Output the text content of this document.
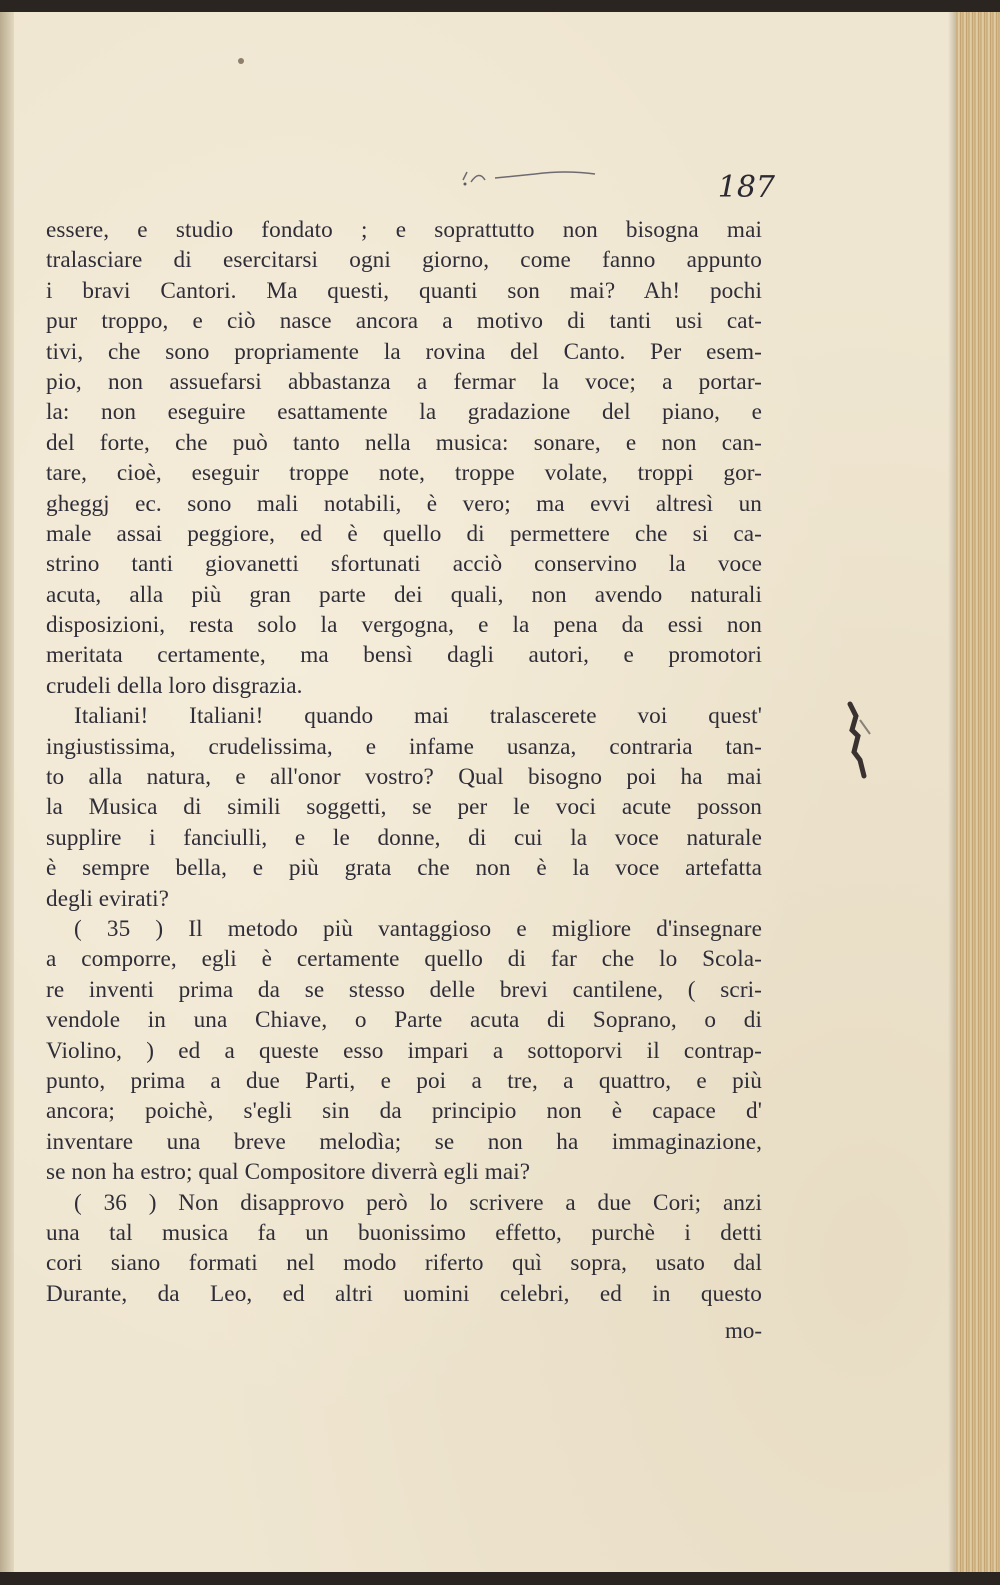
187
essere, e studio fondato ; e soprattutto non bisogna mai
tralasciare di esercitarsi ogni giorno, come fanno appunto
i bravi Cantori. Ma questi, quanti son mai? Ah! pochi
pur troppo, e ciò nasce ancora a motivo di tanti usi cat-
tivi, che sono propriamente la rovina del Canto. Per esem-
pio, non assuefarsi abbastanza a fermar la voce; a portar-
la: non eseguire esattamente la gradazione del piano, e
del forte, che può tanto nella musica: sonare, e non can-
tare, cioè, eseguir troppe note, troppe volate, troppi gor-
gheggj ec. sono mali notabili, è vero; ma evvi altresì un
male assai peggiore, ed è quello di permettere che si ca-
strino tanti giovanetti sfortunati acciò conservino la voce
acuta, alla più gran parte dei quali, non avendo naturali
disposizioni, resta solo la vergogna, e la pena da essi non
meritata certamente, ma bensì dagli autori, e promotori
crudeli della loro disgrazia.
Italiani! Italiani! quando mai tralascerete voi quest'
ingiustissima, crudelissima, e infame usanza, contraria tan-
to alla natura, e all'onor vostro? Qual bisogno poi ha mai
la Musica di simili soggetti, se per le voci acute posson
supplire i fanciulli, e le donne, di cui la voce naturale
è sempre bella, e più grata che non è la voce artefatta
degli evirati?
( 35 ) Il metodo più vantaggioso e migliore d'insegnare
a comporre, egli è certamente quello di far che lo Scola-
re inventi prima da se stesso delle brevi cantilene, ( scri-
vendole in una Chiave, o Parte acuta di Soprano, o di
Violino, ) ed a queste esso impari a sottoporvi il contrap-
punto, prima a due Parti, e poi a tre, a quattro, e più
ancora; poichè, s'egli sin da principio non è capace d'
inventare una breve melodìa; se non ha immaginazione,
se non ha estro; qual Compositore diverrà egli mai?
( 36 ) Non disapprovo però lo scrivere a due Cori; anzi
una tal musica fa un buonissimo effetto, purchè i detti
cori siano formati nel modo riferto quì sopra, usato dal
Durante, da Leo, ed altri uomini celebri, ed in questo
mo-
